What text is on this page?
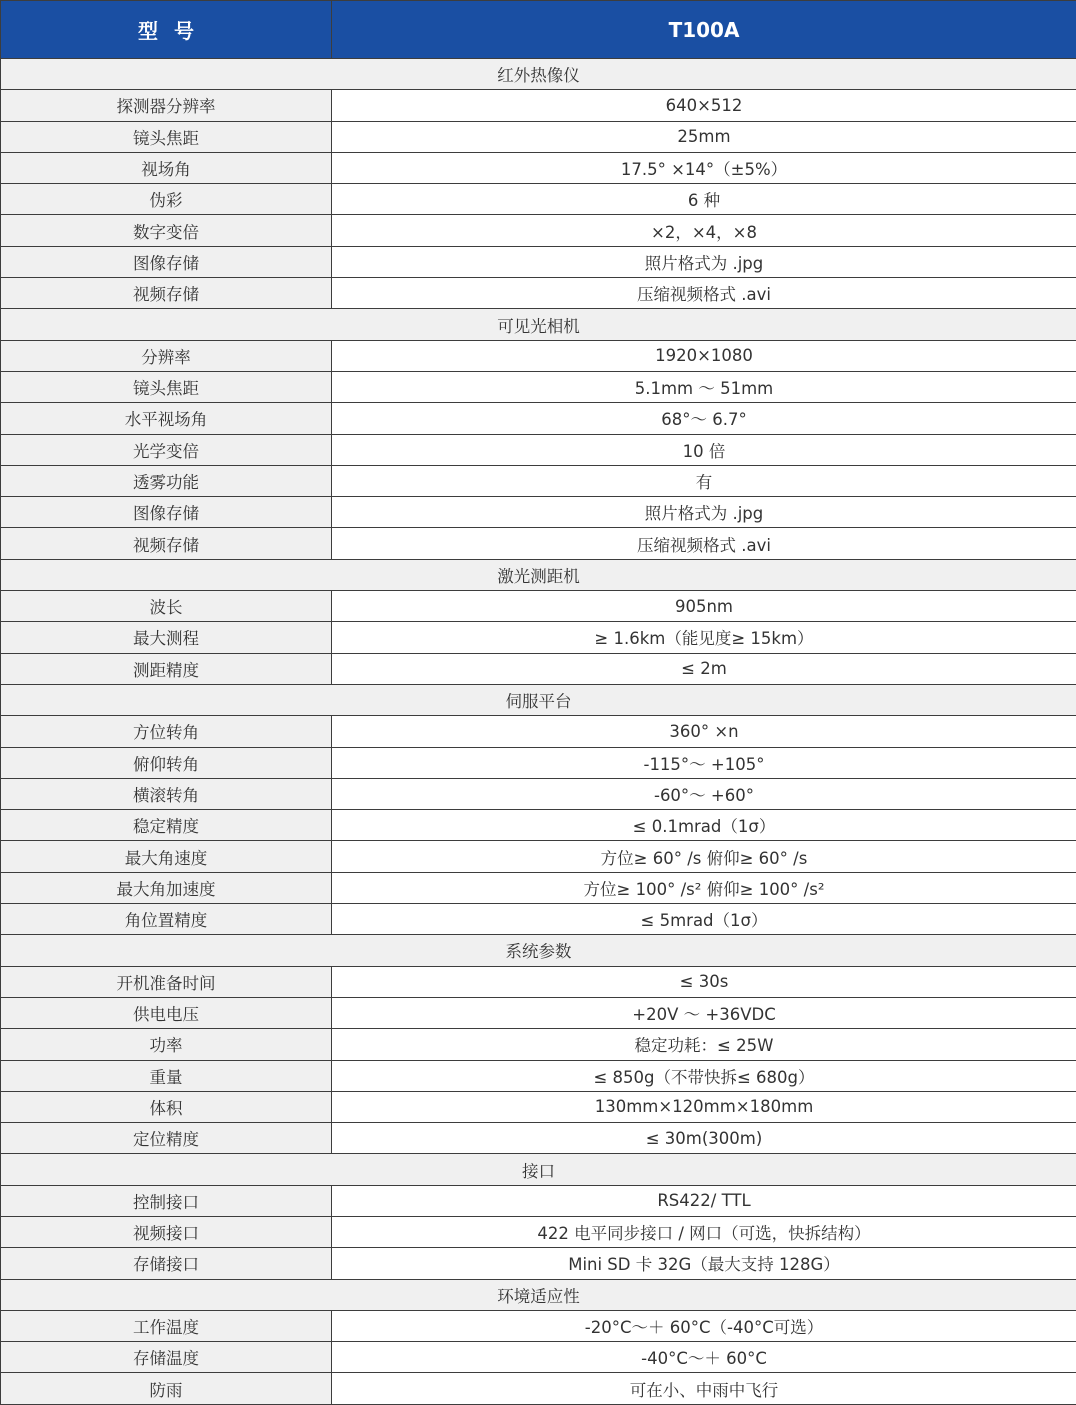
型号	T100A
红外热像仪	
探测器分辨率	640×512
镜头焦距	25mm
视场角	17.5° ×14°（±5%）
伪彩	6 种
数字变倍	×2，×4，×8
图像存储	照片格式为 .jpg
视频存储	压缩视频格式 .avi
可见光相机	
分辨率	1920×1080
镜头焦距	5.1mm ～ 51mm
水平视场角	68°～ 6.7°
光学变倍	10 倍
透雾功能	有
图像存储	照片格式为 .jpg
视频存储	压缩视频格式 .avi
激光测距机	
波长	905nm
最大测程	≥ 1.6km（能见度≥ 15km）
测距精度	≤ 2m
伺服平台	
方位转角	360° ×n
俯仰转角	-115°～ +105°
横滚转角	-60°～ +60°
稳定精度	≤ 0.1mrad（1σ）
最大角速度	方位≥ 60° /s 俯仰≥ 60° /s
最大角加速度	方位≥ 100° /s² 俯仰≥ 100° /s²
角位置精度	≤ 5mrad（1σ）
系统参数	
开机准备时间	≤ 30s
供电电压	+20V ～ +36VDC
功率	稳定功耗：≤ 25W
重量	≤ 850g（不带快拆≤ 680g）
体积	130mm×120mm×180mm
定位精度	≤ 30m(300m)
接口	
控制接口	RS422/ TTL
视频接口	422 电平同步接口 / 网口（可选，快拆结构）
存储接口	Mini SD 卡 32G（最大支持 128G）
环境适应性	
工作温度	-20°C～＋ 60°C（-40°C可选）
存储温度	-40°C～＋ 60°C
防雨	可在小、中雨中飞行
